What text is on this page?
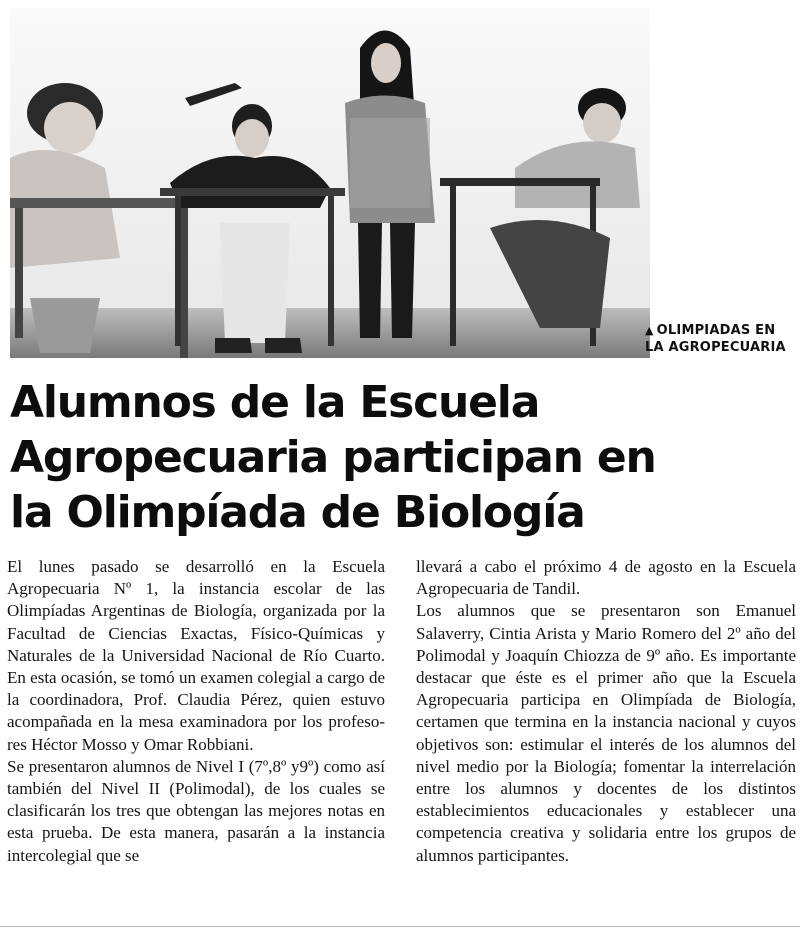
▲ OLIMPIADAS EN
LA AGROPECUARIA
Alumnos de la Escuela
Agropecuaria participan en
la Olimpíada de Biología

El lunes pasado se desarrolló en la Escuela Agropecuaria Nº 1, la instancia escolar de las Olimpíadas Argentinas de Biología, organizada por la Facultad de Ciencias Exactas, Físico-Químicas y Naturales de la Universidad Nacional de Río Cuarto. En esta ocasión, se tomó un examen colegial a cargo de la coordinadora, Prof. Claudia Pérez, quien estuvo acompañada en la mesa examinadora por los profesores Héctor Mosso y Omar Robbiani.

Se presentaron alumnos de Nivel I (7º,8º y9º) como así también del Nivel II (Polimodal), de los cuales se clasificarán los tres que obtengan las mejores notas en esta prueba. De esta manera, pasarán a la instancia intercolegial que se

llevará a cabo el próximo 4 de agosto en la Escuela Agropecuaria de Tandil.

Los alumnos que se presentaron son Emanuel Salaverry, Cintia Arista y Mario Romero del 2º año del Polimodal y Joaquín Chiozza de 9º año. Es importante destacar que éste es el primer año que la Escuela Agropecuaria participa en Olimpíada de Biología, certamen que termina en la instancia nacional y cuyos objetivos son: estimular el interés de los alumnos del nivel medio por la Biología; fomentar la interrelación entre los alumnos y docentes de los distintos establecimientos educacionales y establecer una competencia creativa y solidaria entre los grupos de alumnos participantes.
